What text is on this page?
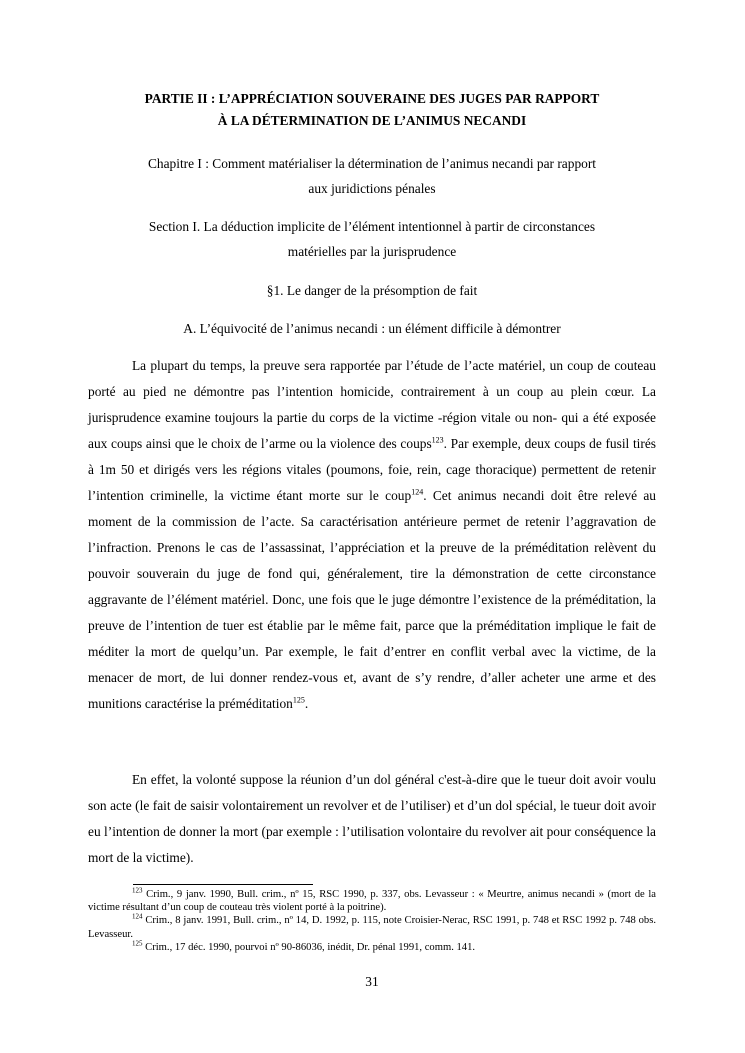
PARTIE II : L’APPRÉCIATION SOUVERAINE DES JUGES PAR RAPPORT
À LA DÉTERMINATION DE L’ANIMUS NECANDI
Chapitre I : Comment matérialiser la détermination de l’animus necandi par rapport
aux juridictions pénales
Section I. La déduction implicite de l’élément intentionnel à partir de circonstances
matérielles par la jurisprudence
§1. Le danger de la présomption de fait
A. L’équivocité de l’animus necandi : un élément difficile à démontrer

La plupart du temps, la preuve sera rapportée par l’étude de l’acte matériel, un coup de couteau porté au pied ne démontre pas l’intention homicide, contrairement à un coup au plein cœur. La jurisprudence examine toujours la partie du corps de la victime -région vitale ou non- qui a été exposée aux coups ainsi que le choix de l’arme ou la violence des coups$^{123}$. Par exemple, deux coups de fusil tirés à 1m 50 et dirigés vers les régions vitales (poumons, foie, rein, cage thoracique) permettent de retenir l’intention criminelle, la victime étant morte sur le coup$^{124}$. Cet animus necandi doit être relevé au moment de la commission de l’acte. Sa caractérisation antérieure permet de retenir l’aggravation de l’infraction. Prenons le cas de l’assassinat, l’appréciation et la preuve de la préméditation relèvent du pouvoir souverain du juge de fond qui, généralement, tire la démonstration de cette circonstance aggravante de l’élément matériel. Donc, une fois que le juge démontre l’existence de la préméditation, la preuve de l’intention de tuer est établie par le même fait, parce que la préméditation implique le fait de méditer la mort de quelqu’un. Par exemple, le fait d’entrer en conflit verbal avec la victime, de la menacer de mort, de lui donner rendez-vous et, avant de s’y rendre, d’aller acheter une arme et des munitions caractérise la préméditation$^{125}$.

En effet, la volonté suppose la réunion d’un dol général c'est-à-dire que le tueur doit avoir voulu son acte (le fait de saisir volontairement un revolver et de l’utiliser) et d’un dol spécial, le tueur doit avoir eu l’intention de donner la mort (par exemple : l’utilisation volontaire du revolver ait pour conséquence la mort de la victime).

$^{123}$ Crim., 9 janv. 1990, Bull. crim., nº 15, RSC 1990, p. 337, obs. Levasseur : « Meurtre, animus necandi » (mort de la victime résultant d’un coup de couteau très violent porté à la poitrine).
$^{124}$ Crim., 8 janv. 1991, Bull. crim., nº 14, D. 1992, p. 115, note Croisier-Nerac, RSC 1991, p. 748 et RSC 1992 p. 748 obs. Levasseur.
$^{125}$ Crim., 17 déc. 1990, pourvoi nº 90-86036, inédit, Dr. pénal 1991, comm. 141.
31
